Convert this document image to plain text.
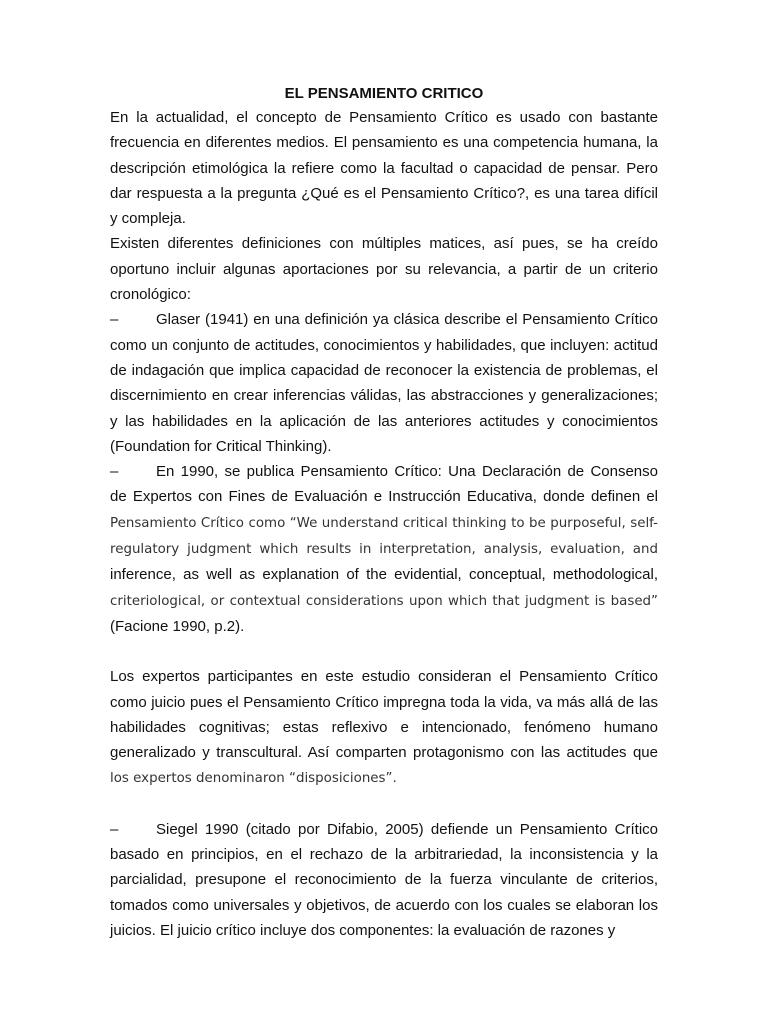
EL PENSAMIENTO CRITICO

En la actualidad, el concepto de Pensamiento Crítico es usado con bastante frecuencia en diferentes medios. El pensamiento es una competencia humana, la descripción etimológica la refiere como la facultad o capacidad de pensar. Pero dar respuesta a la pregunta ¿Qué es el Pensamiento Crítico?, es una tarea difícil y compleja.

Existen diferentes definiciones con múltiples matices, así pues, se ha creído oportuno incluir algunas aportaciones por su relevancia, a partir de un criterio cronológico:

–	Glaser (1941) en una definición ya clásica describe el Pensamiento Crítico como un conjunto de actitudes, conocimientos y habilidades, que incluyen: actitud de indagación que implica capacidad de reconocer la existencia de problemas, el discernimiento en crear inferencias válidas, las abstracciones y generalizaciones; y las habilidades en la aplicación de las anteriores actitudes y conocimientos (Foundation for Critical Thinking).

–	En 1990, se publica Pensamiento Crítico: Una Declaración de Consenso de Expertos con Fines de Evaluación e Instrucción Educativa, donde definen el Pensamiento Crítico como “We understand critical thinking to be purposeful, self-regulatory judgment which results in interpretation, analysis, evaluation, and inference, as well as explanation of the evidential, conceptual, methodological, criteriological, or contextual considerations upon which that judgment is based” (Facione 1990, p.2).

Los expertos participantes en este estudio consideran el Pensamiento Crítico como juicio pues el Pensamiento Crítico impregna toda la vida, va más allá de las habilidades cognitivas; estas reflexivo e intencionado, fenómeno humano generalizado y transcultural. Así comparten protagonismo con las actitudes que los expertos denominaron “disposiciones”.

–	Siegel 1990 (citado por Difabio, 2005) defiende un Pensamiento Crítico basado en principios, en el rechazo de la arbitrariedad, la inconsistencia y la parcialidad, presupone el reconocimiento de la fuerza vinculante de criterios, tomados como universales y objetivos, de acuerdo con los cuales se elaboran los juicios. El juicio crítico incluye dos componentes: la evaluación de razones y
